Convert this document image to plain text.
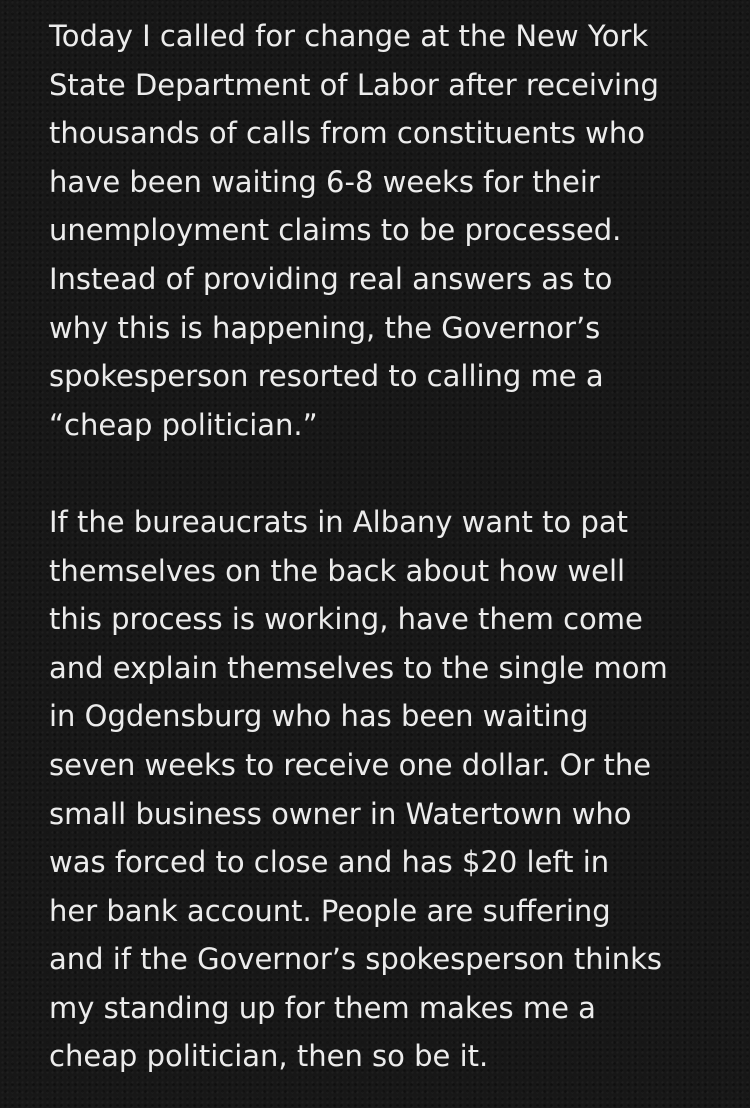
Today I called for change at the New York
State Department of Labor after receiving
thousands of calls from constituents who
have been waiting 6-8 weeks for their
unemployment claims to be processed.
Instead of providing real answers as to
why this is happening, the Governor’s
spokesperson resorted to calling me a
“cheap politician.”
If the bureaucrats in Albany want to pat
themselves on the back about how well
this process is working, have them come
and explain themselves to the single mom
in Ogdensburg who has been waiting
seven weeks to receive one dollar. Or the
small business owner in Watertown who
was forced to close and has $20 left in
her bank account. People are suffering
and if the Governor’s spokesperson thinks
my standing up for them makes me a
cheap politician, then so be it.
